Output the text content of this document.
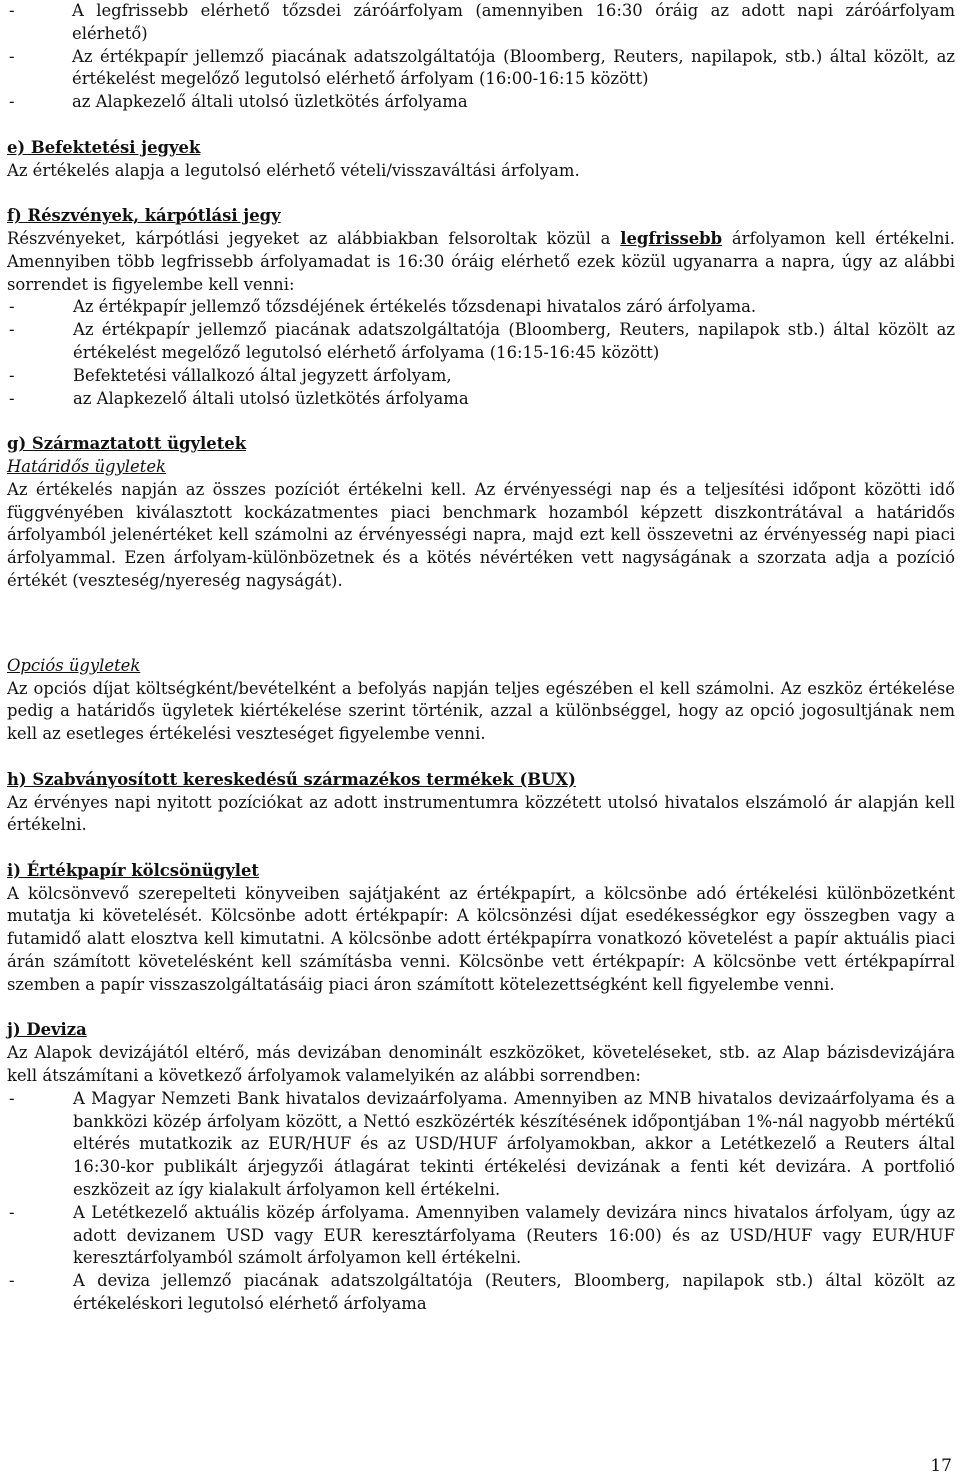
-	A legfrissebb elérhető tőzsdei záróárfolyam (amennyiben 16:30 óráig az adott napi záróárfolyam elérhető)
-	Az értékpapír jellemző piacának adatszolgáltatója (Bloomberg, Reuters, napilapok, stb.) által közölt, az értékelést megelőző legutolsó elérhető árfolyam (16:00-16:15 között)
-	az Alapkezelő általi utolsó üzletkötés árfolyama
e) Befektetési jegyek

Az értékelés alapja a legutolsó elérhető vételi/visszaváltási árfolyam.

f) Részvények, kárpótlási jegy

Részvényeket, kárpótlási jegyeket az alábbiakban felsoroltak közül a legfrissebb árfolyamon kell értékelni. Amennyiben több legfrissebb árfolyamadat is 16:30 óráig elérhető ezek közül ugyanarra a napra, úgy az alábbi sorrendet is figyelembe kell venni:

-	Az értékpapír jellemző tőzsdéjének értékelés tőzsdenapi hivatalos záró árfolyama.
-	Az értékpapír jellemző piacának adatszolgáltatója (Bloomberg, Reuters, napilapok stb.) által közölt az értékelést megelőző legutolsó elérhető árfolyama (16:15-16:45 között)
-	Befektetési vállalkozó által jegyzett árfolyam,
-	az Alapkezelő általi utolsó üzletkötés árfolyama
g) Származtatott ügyletek
Határidős ügyletek

Az értékelés napján az összes pozíciót értékelni kell. Az érvényességi nap és a teljesítési időpont közötti idő függvényében kiválasztott kockázatmentes piaci benchmark hozamból képzett diszkontrátával a határidős árfolyamból jelenértéket kell számolni az érvényességi napra, majd ezt kell összevetni az érvényesség napi piaci árfolyammal. Ezen árfolyam-különbözetnek és a kötés névértéken vett nagyságának a szorzata adja a pozíció értékét (veszteség/nyereség nagyságát).

Opciós ügyletek

Az opciós díjat költségként/bevételként a befolyás napján teljes egészében el kell számolni. Az eszköz értékelése pedig a határidős ügyletek kiértékelése szerint történik, azzal a különbséggel, hogy az opció jogosultjának nem kell az esetleges értékelési veszteséget figyelembe venni.

h) Szabványosított kereskedésű származékos termékek (BUX)

Az érvényes napi nyitott pozíciókat az adott instrumentumra közzétett utolsó hivatalos elszámoló ár alapján kell értékelni.

i) Értékpapír kölcsönügylet

A kölcsönvevő szerepelteti könyveiben sajátjaként az értékpapírt, a kölcsönbe adó értékelési különbözetként mutatja ki követelését. Kölcsönbe adott értékpapír: A kölcsönzési díjat esedékességkor egy összegben vagy a futamidő alatt elosztva kell kimutatni. A kölcsönbe adott értékpapírra vonatkozó követelést a papír aktuális piaci árán számított követelésként kell számításba venni. Kölcsönbe vett értékpapír: A kölcsönbe vett értékpapírral szemben a papír visszaszolgáltatásáig piaci áron számított kötelezettségként kell figyelembe venni.

j) Deviza

Az Alapok devizájától eltérő, más devizában denominált eszközöket, követeléseket, stb. az Alap bázisdevizájára kell átszámítani a következő árfolyamok valamelyikén az alábbi sorrendben:

-	A Magyar Nemzeti Bank hivatalos devizaárfolyama. Amennyiben az MNB hivatalos devizaárfolyama és a bankközi közép árfolyam között, a Nettó eszközérték készítésének időpontjában 1%-nál nagyobb mértékű eltérés mutatkozik az EUR/HUF és az USD/HUF árfolyamokban, akkor a Letétkezelő a Reuters által 16:30-kor publikált árjegyzői átlagárat tekinti értékelési devizának a fenti két devizára. A portfolió eszközeit az így kialakult árfolyamon kell értékelni.
-	A Letétkezelő aktuális közép árfolyama. Amennyiben valamely devizára nincs hivatalos árfolyam, úgy az adott devizanem USD vagy EUR keresztárfolyama (Reuters 16:00) és az USD/HUF vagy EUR/HUF keresztárfolyamból számolt árfolyamon kell értékelni.
-	A deviza jellemző piacának adatszolgáltatója (Reuters, Bloomberg, napilapok stb.) által közölt az értékeléskori legutolsó elérhető árfolyama
17
